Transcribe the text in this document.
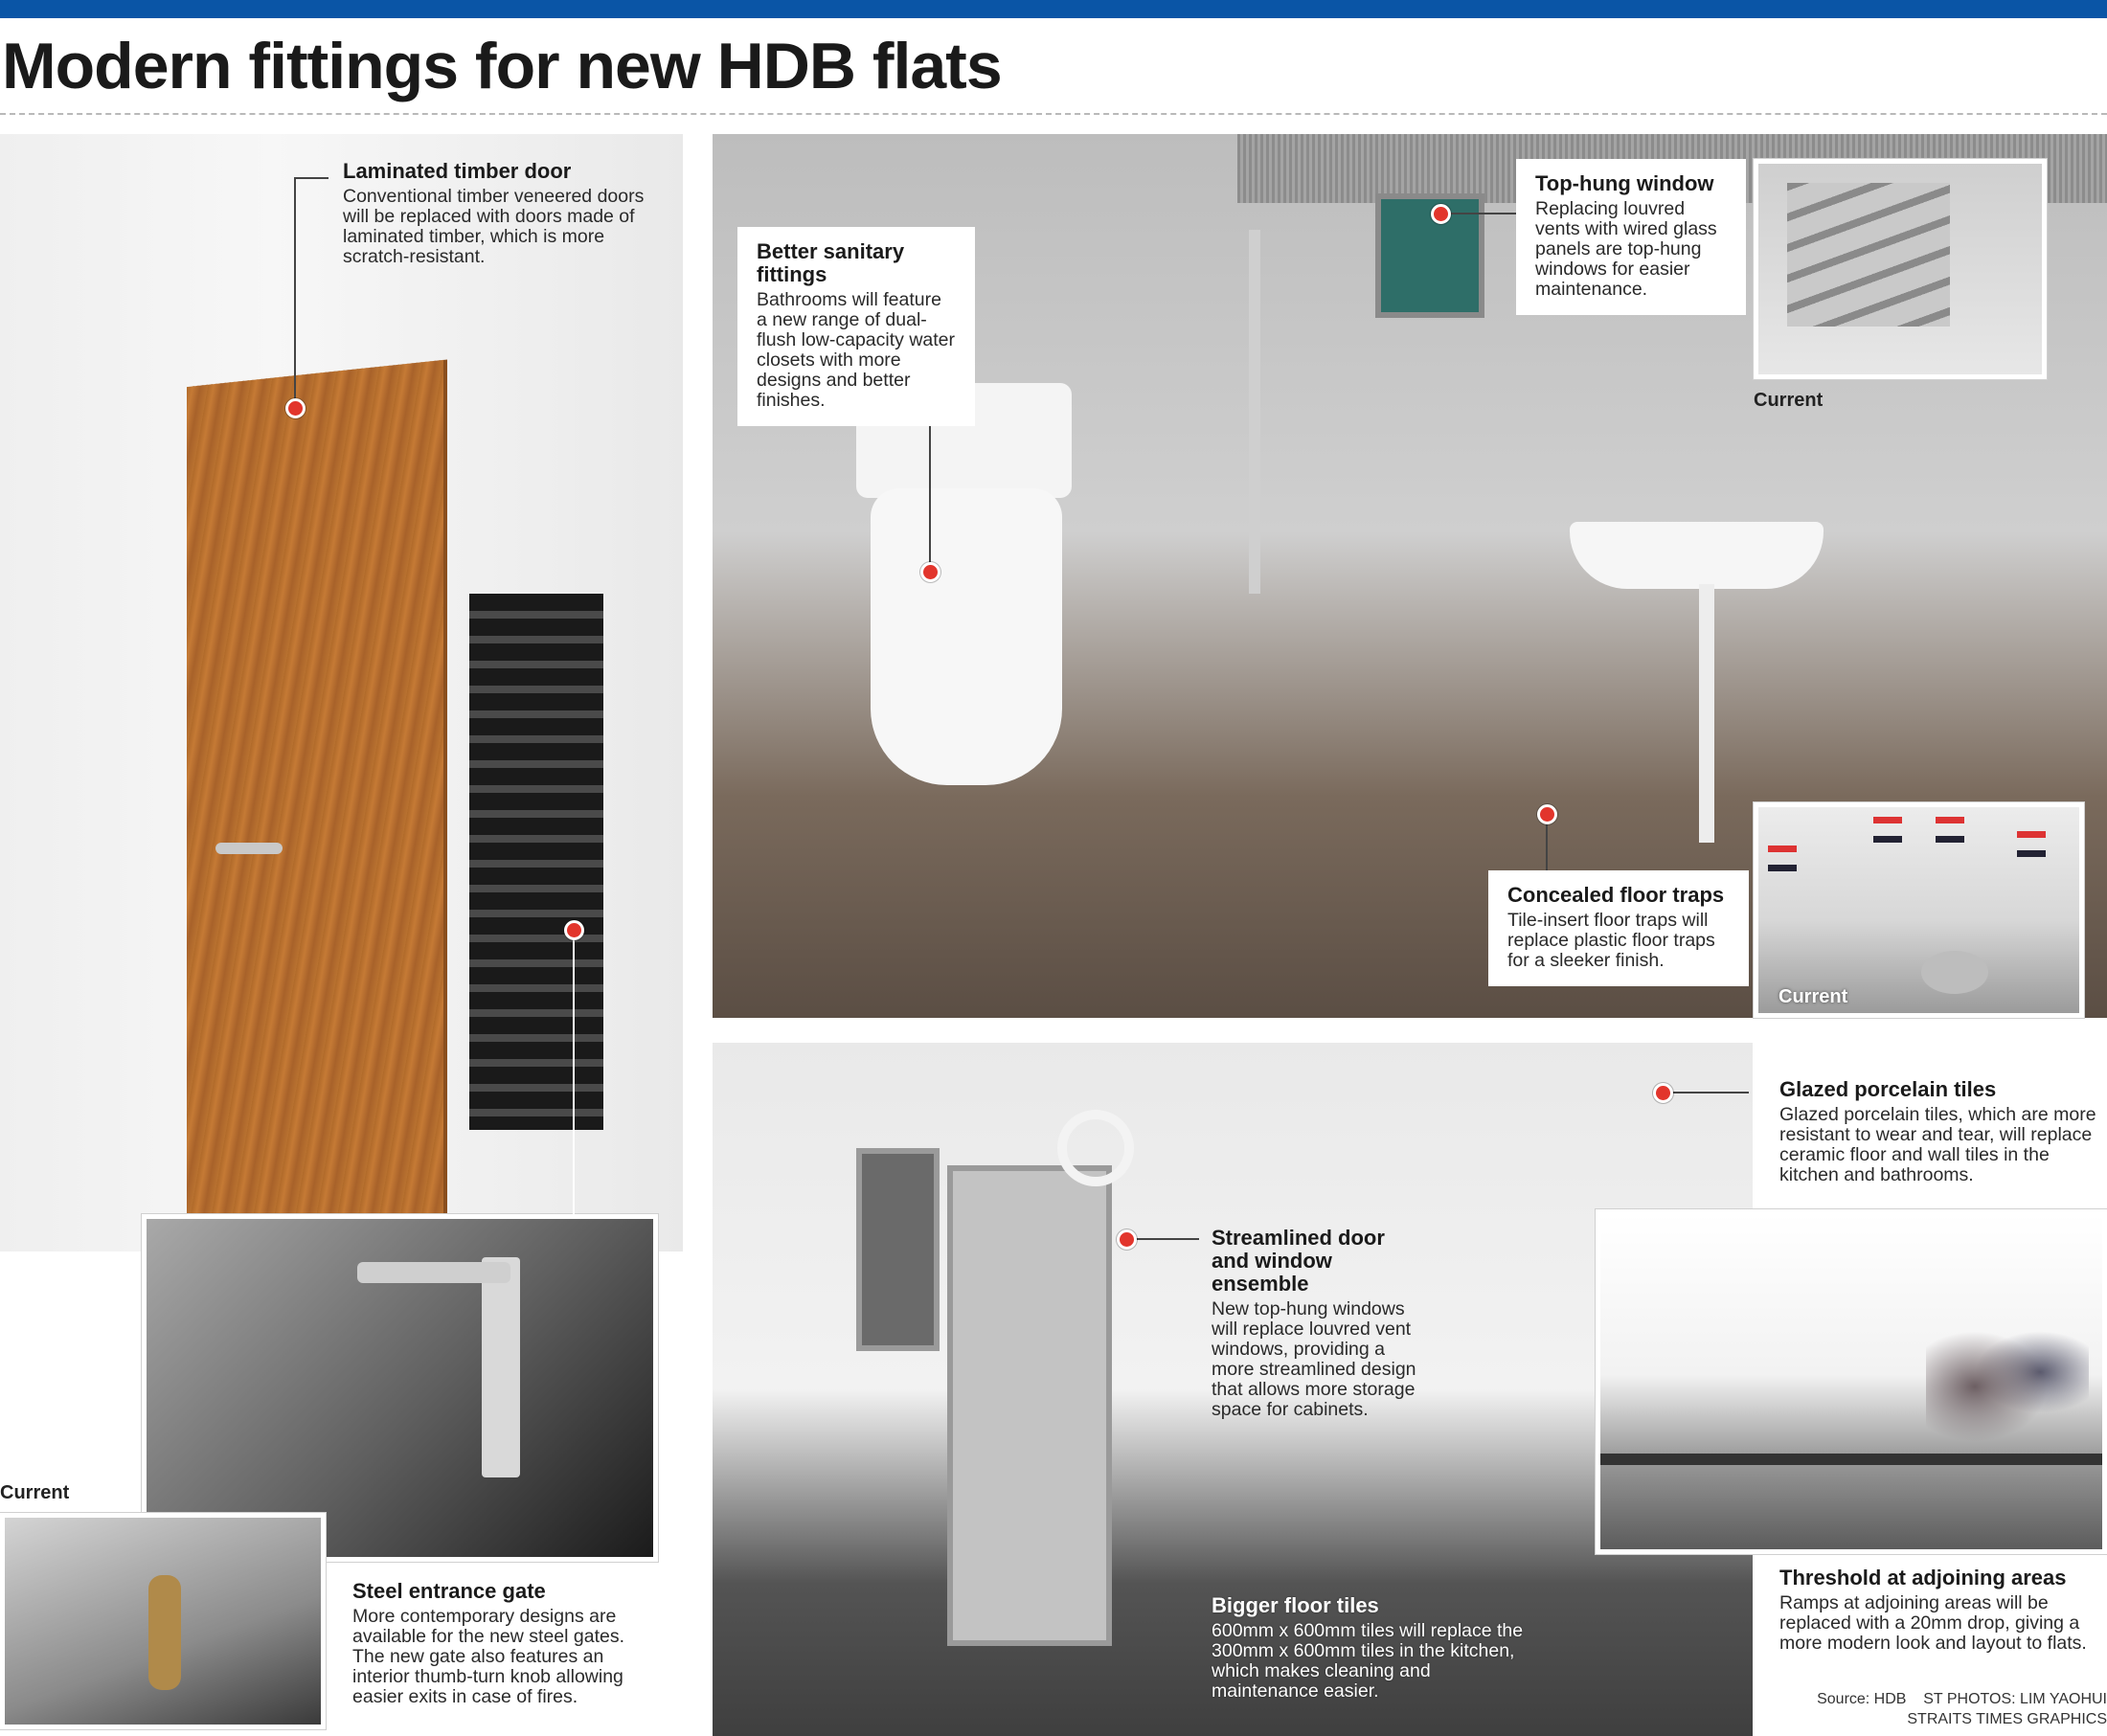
Modern fittings for new HDB flats
Current
Current
Current
Laminated timber door
Conventional timber veneered doors will be replaced with doors made of laminated timber, which is more scratch-resistant.
Steel entrance gate
More contemporary designs are available for the new steel gates. The new gate also features an interior thumb-turn knob allowing easier exits in case of fires.
Better sanitary fittings
Bathrooms will feature a new range of dual-flush low-capacity water closets with more designs and better finishes.
Top-hung window
Replacing louvred vents with wired glass panels are top-hung windows for easier maintenance.
Concealed floor traps
Tile-insert floor traps will replace plastic floor traps for a sleeker finish.
Streamlined door and window ensemble
New top-hung windows will replace louvred vent windows, providing a more streamlined design that allows more storage space for cabinets.
Bigger floor tiles
600mm x 600mm tiles will replace the 300mm x 600mm tiles in the kitchen, which makes cleaning and maintenance easier.
Glazed porcelain tiles
Glazed porcelain tiles, which are more resistant to wear and tear, will replace ceramic floor and wall tiles in the kitchen and bathrooms.
Threshold at adjoining areas
Ramps at adjoining areas will be replaced with a 20mm drop, giving a more modern look and layout to flats.
Source: HDB    ST PHOTOS: LIM YAOHUI
STRAITS TIMES GRAPHICS
